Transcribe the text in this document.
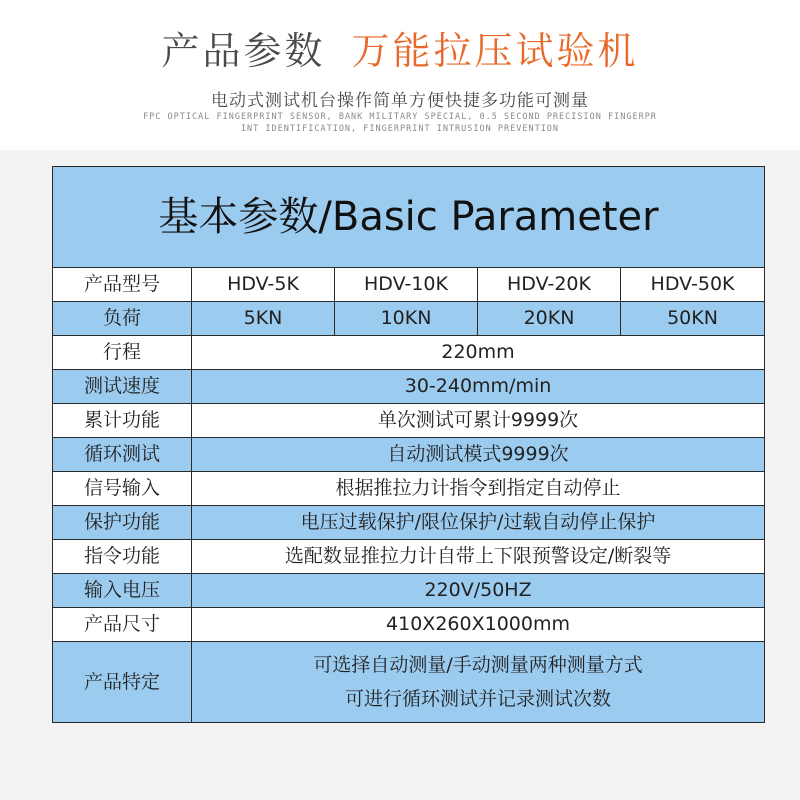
产品参数 万能拉压试验机
电动式测试机台操作简单方便快捷多功能可测量
FPC OPTICAL FINGERPRINT SENSOR, BANK MILITARY SPECIAL, 0.5 SECOND PRECISION FINGERPR
INT IDENTIFICATION, FINGERPRINT INTRUSION PREVENTION
基本参数/Basic Parameter				
产品型号	HDV-5K	HDV-10K	HDV-20K	HDV-50K
负荷	5KN	10KN	20KN	50KN
行程	220mm			
测试速度	30-240mm/min			
累计功能	单次测试可累计9999次			
循环测试	自动测试模式9999次			
信号输入	根据推拉力计指令到指定自动停止			
保护功能	电压过载保护/限位保护/过载自动停止保护			
指令功能	选配数显推拉力计自带上下限预警设定/断裂等			
输入电压	220V/50HZ			
产品尺寸	410X260X1000mm			
产品特定	可选择自动测量/手动测量两种测量方式
可进行循环测试并记录测试次数			
